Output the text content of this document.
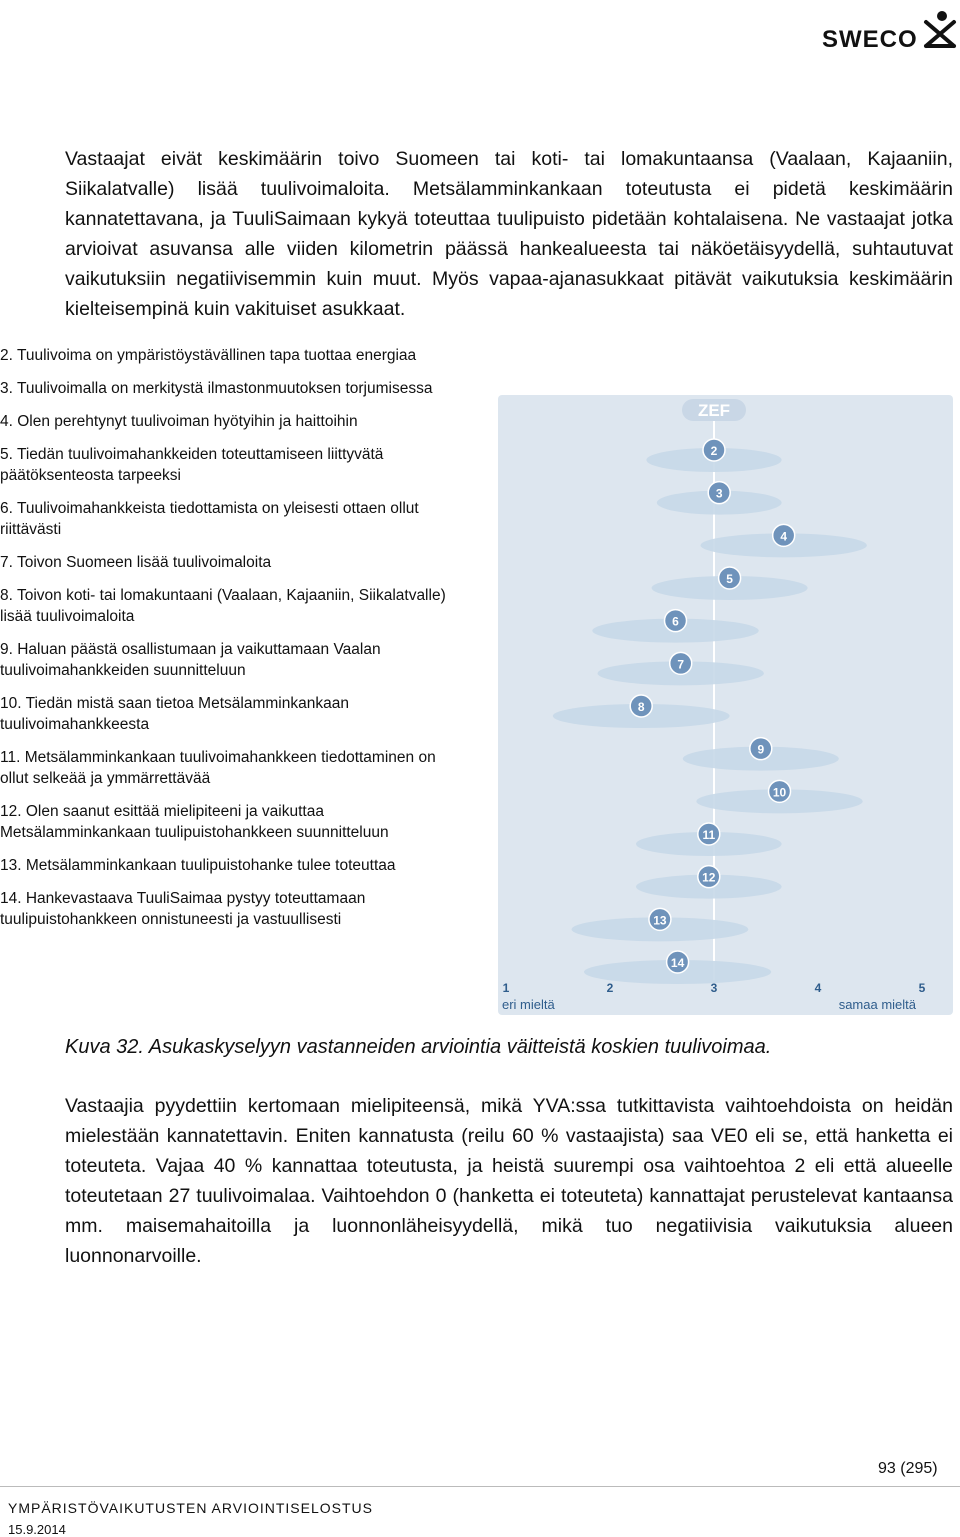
SWECO

Vastaajat eivät keskimäärin toivo Suomeen tai koti- tai lomakuntaansa (Vaalaan, Kajaaniin, Siikalatvalle) lisää tuulivoimaloita. Metsälamminkankaan toteutusta ei pidetä keskimäärin kannatettavana, ja TuuliSaimaan kykyä toteuttaa tuulipuisto pidetään kohtalaisena. Ne vastaajat jotka arvioivat asuvansa alle viiden kilometrin päässä hankealueesta tai näköetäisyydellä, suhtautuvat vaikutuksiin negatiivisemmin kuin muut. Myös vapaa-ajanasukkaat pitävät vaikutuksia keskimäärin kielteisempinä kuin vakituiset asukkaat.

2. Tuulivoima on ympäristöystävällinen tapa tuottaa energiaa
3. Tuulivoimalla on merkitystä ilmastonmuutoksen torjumisessa
4. Olen perehtynyt tuulivoiman hyötyihin ja haittoihin
5. Tiedän tuulivoimahankkeiden toteuttamiseen liittyvätä päätöksenteosta tarpeeksi
6. Tuulivoimahankkeista tiedottamista on yleisesti ottaen ollut riittävästi
7. Toivon Suomeen lisää tuulivoimaloita
8. Toivon koti- tai lomakuntaani (Vaalaan, Kajaaniin, Siikalatvalle) lisää tuulivoimaloita
9. Haluan päästä osallistumaan ja vaikuttamaan Vaalan tuulivoimahankkeiden suunnitteluun
10. Tiedän mistä saan tietoa Metsälamminkankaan tuulivoimahankkeesta
11. Metsälamminkankaan tuulivoimahankkeen tiedottaminen on ollut selkeää ja ymmärrettävää
12. Olen saanut esittää mielipiteeni ja vaikuttaa Metsälamminkankaan tuulipuistohankkeen suunnitteluun
13. Metsälamminkankaan tuulipuistohanke tulee toteuttaa
14. Hankevastaava TuuliSaimaa pystyy toteuttamaan tuulipuistohankkeen onnistuneesti ja vastuullisesti
ZEF
2
3
4
5
6
7
8
9
10
11
12
13
14
1	2	3	4	5
eri mieltä	samaa mieltä

Kuva 32. Asukaskyselyyn vastanneiden arviointia väitteistä koskien tuulivoimaa.

Vastaajia pyydettiin kertomaan mielipiteensä, mikä YVA:ssa tutkittavista vaihtoehdoista on heidän mielestään kannatettavin. Eniten kannatusta (reilu 60 % vastaajista) saa VE0 eli se, että hanketta ei toteuteta. Vajaa 40 % kannattaa toteutusta, ja heistä suurempi osa vaihtoehtoa 2 eli että alueelle toteutetaan 27 tuulivoimalaa. Vaihtoehdon 0 (hanketta ei toteuteta) kannattajat perustelevat kantaansa mm. maisemahaitoilla ja luonnonläheisyydellä, mikä tuo negatiivisia vaikutuksia alueen luonnonarvoille.

93 (295)
YMPÄRISTÖVAIKUTUSTEN ARVIOINTISELOSTUS
15.9.2014
